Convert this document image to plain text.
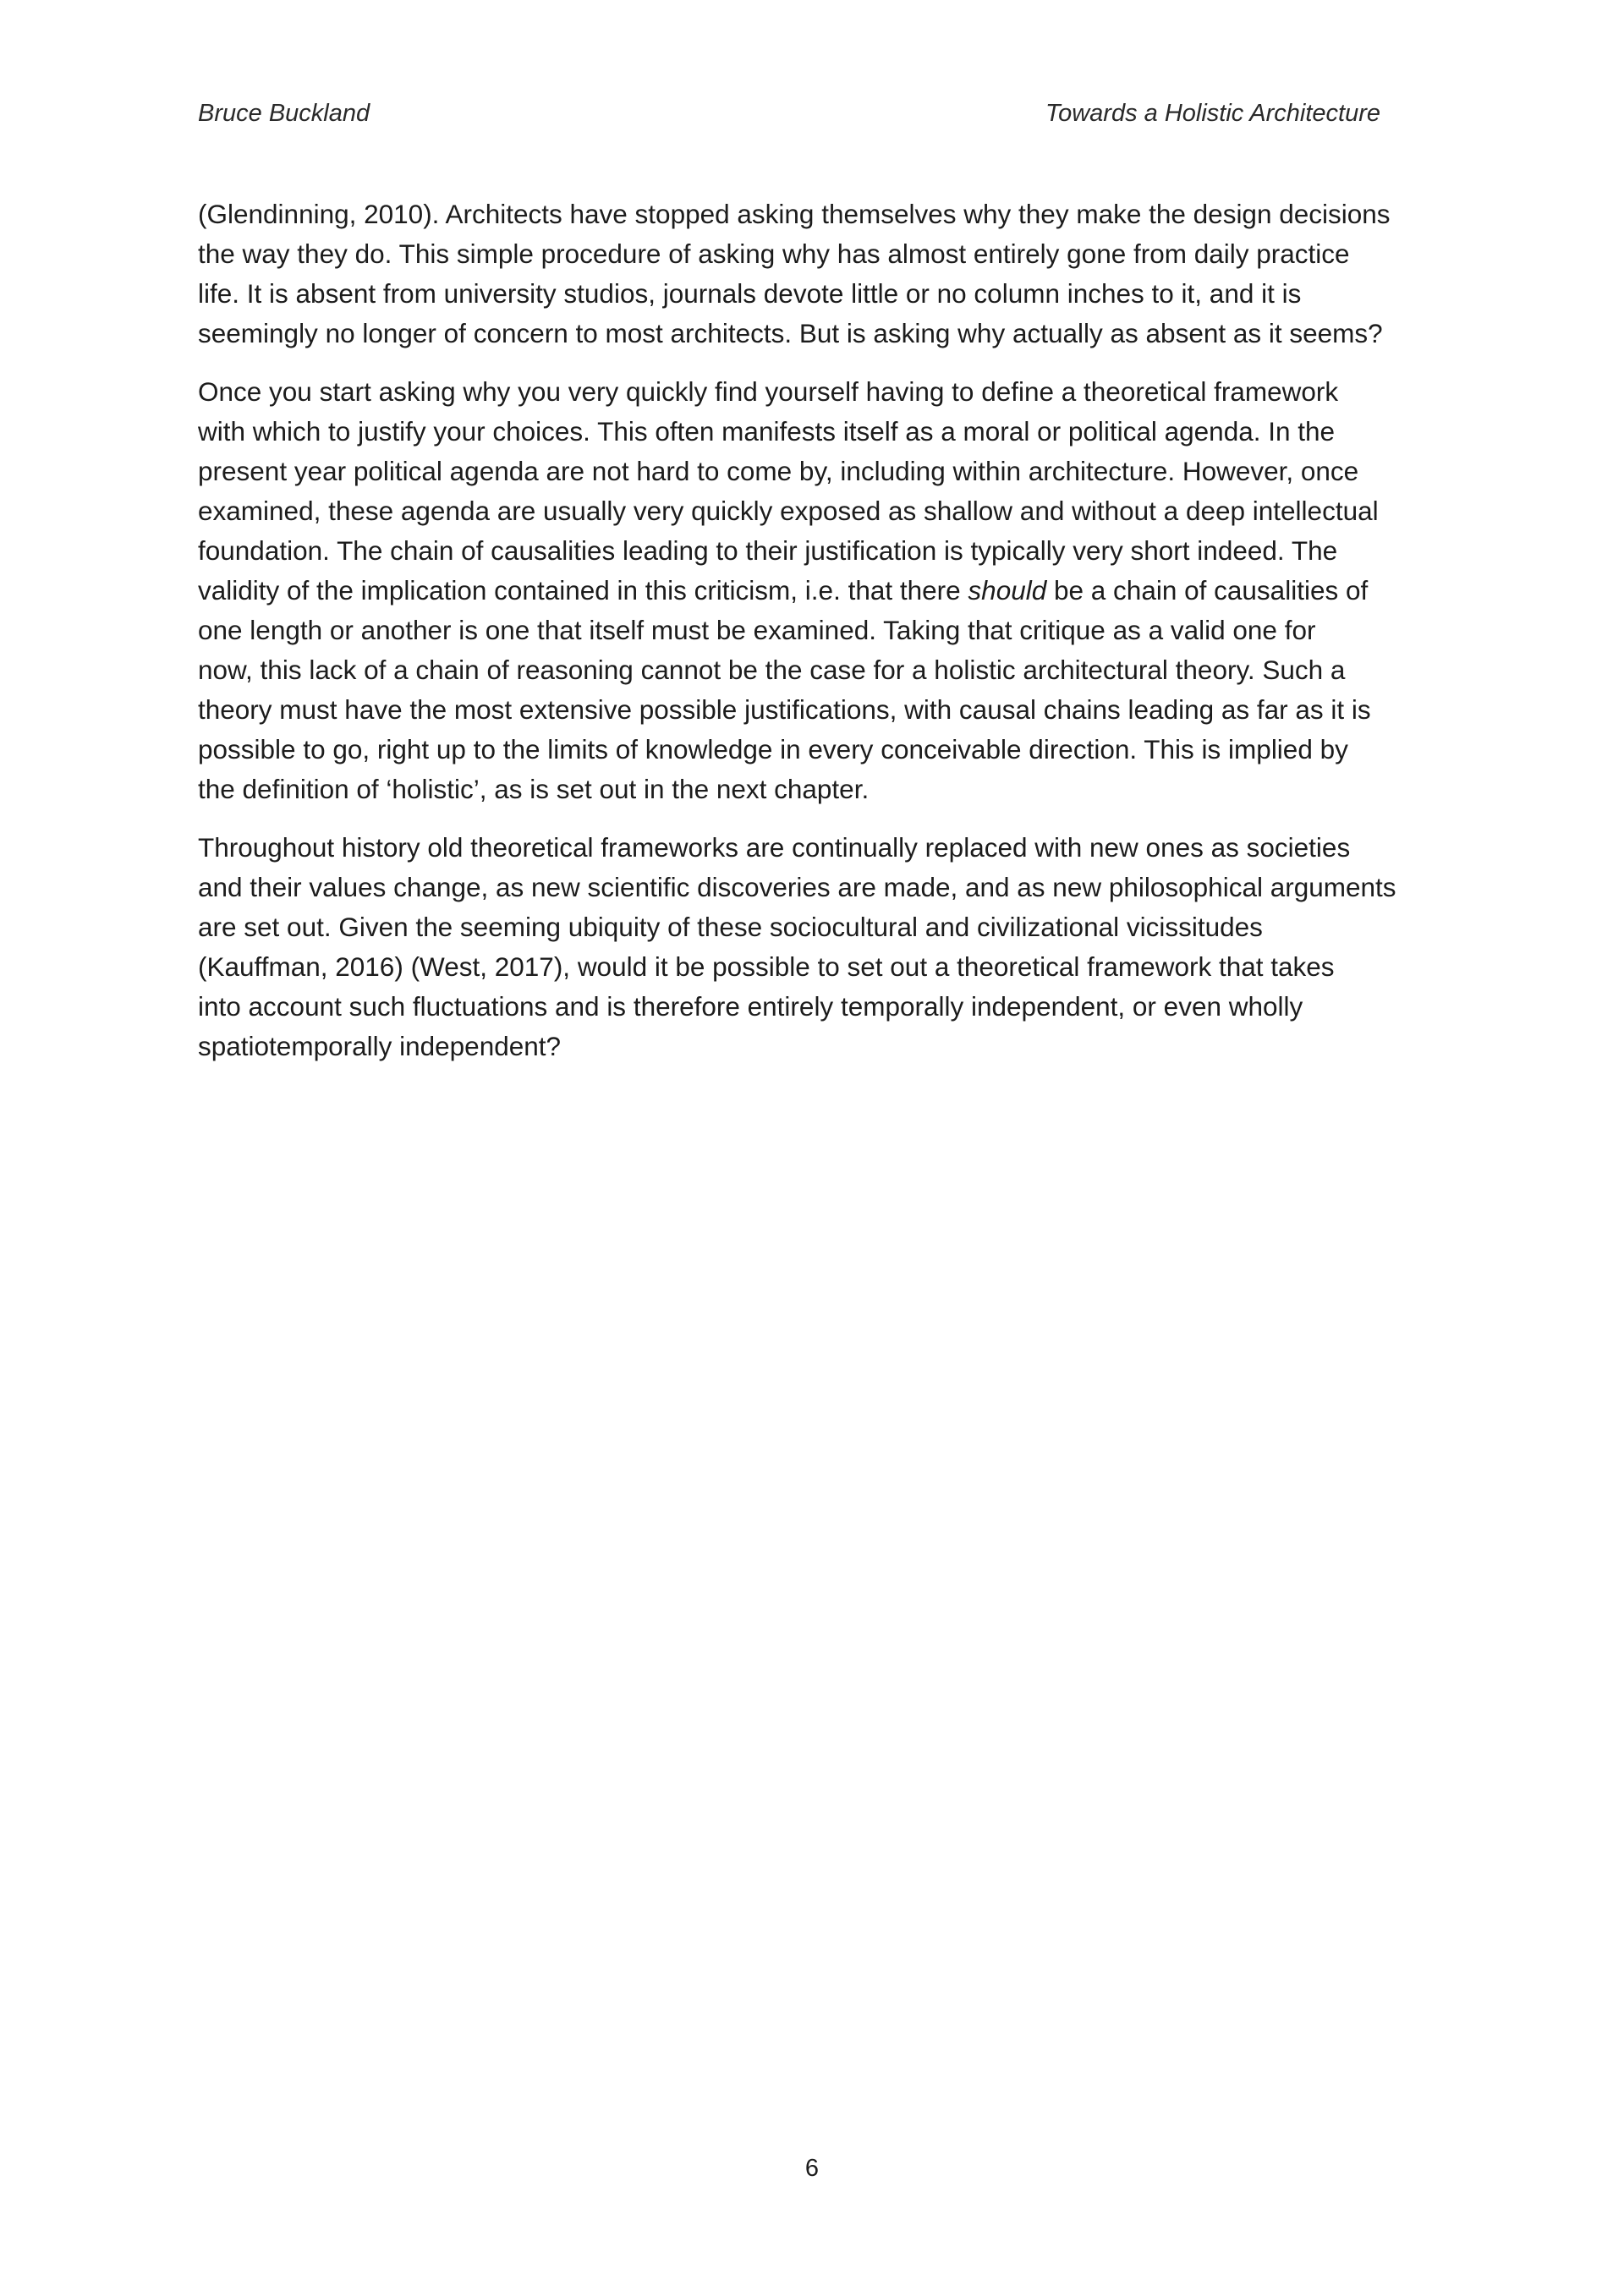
Bruce Buckland	Towards a Holistic Architecture

(Glendinning, 2010). Architects have stopped asking themselves why they make the design decisions
the way they do. This simple procedure of asking why has almost entirely gone from daily practice
life. It is absent from university studios, journals devote little or no column inches to it, and it is
seemingly no longer of concern to most architects. But is asking why actually as absent as it seems?

Once you start asking why you very quickly find yourself having to define a theoretical framework
with which to justify your choices. This often manifests itself as a moral or political agenda. In the
present year political agenda are not hard to come by, including within architecture. However, once
examined, these agenda are usually very quickly exposed as shallow and without a deep intellectual
foundation. The chain of causalities leading to their justification is typically very short indeed. The
validity of the implication contained in this criticism, i.e. that there should be a chain of causalities of
one length or another is one that itself must be examined. Taking that critique as a valid one for
now, this lack of a chain of reasoning cannot be the case for a holistic architectural theory. Such a
theory must have the most extensive possible justifications, with causal chains leading as far as it is
possible to go, right up to the limits of knowledge in every conceivable direction. This is implied by
the definition of ‘holistic’, as is set out in the next chapter.

Throughout history old theoretical frameworks are continually replaced with new ones as societies
and their values change, as new scientific discoveries are made, and as new philosophical arguments
are set out. Given the seeming ubiquity of these sociocultural and civilizational vicissitudes
(Kauffman, 2016) (West, 2017), would it be possible to set out a theoretical framework that takes
into account such fluctuations and is therefore entirely temporally independent, or even wholly
spatiotemporally independent?

6
